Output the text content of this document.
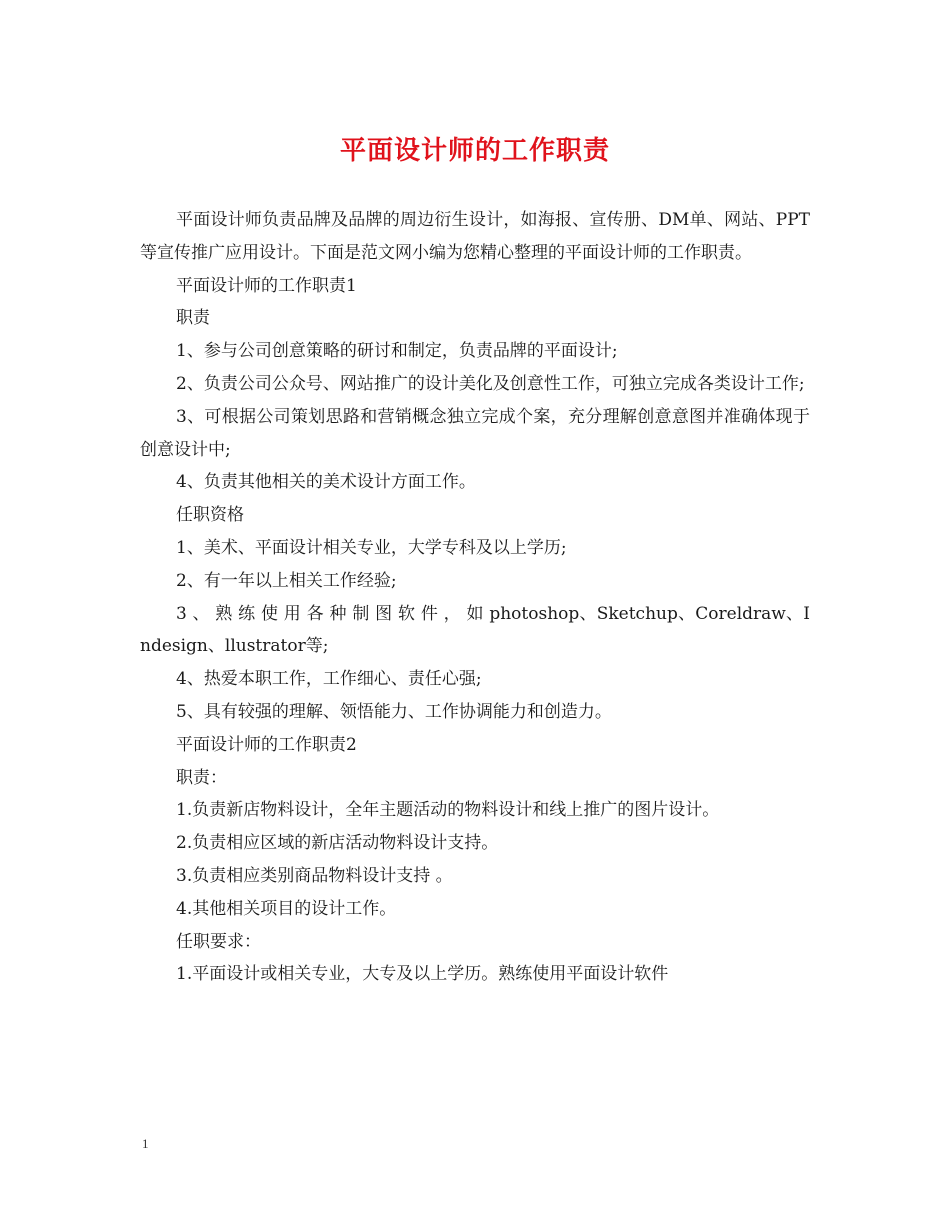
平面设计师的工作职责

平面设计师负责品牌及品牌的周边衍生设计，如海报、宣传册、DM单、网站、PPT等宣传推广应用设计。下面是范文网小编为您精心整理的平面设计师的工作职责。

平面设计师的工作职责1

职责

1、参与公司创意策略的研讨和制定，负责品牌的平面设计;

2、负责公司公众号、网站推广的设计美化及创意性工作，可独立完成各类设计工作;

3、可根据公司策划思路和营销概念独立完成个案，充分理解创意意图并准确体现于创意设计中;

4、负责其他相关的美术设计方面工作。

任职资格

1、美术、平面设计相关专业，大学专科及以上学历;

2、有一年以上相关工作经验;

3 、 熟 练 使 用 各 种 制 图 软 件 ， 如 photoshop、Sketchup、Coreldraw、Indesign、llustrator等;

4、热爱本职工作，工作细心、责任心强;

5、具有较强的理解、领悟能力、工作协调能力和创造力。

平面设计师的工作职责2

职责：

1.负责新店物料设计，全年主题活动的物料设计和线上推广的图片设计。

2.负责相应区域的新店活动物料设计支持。

3.负责相应类别商品物料设计支持 。

4.其他相关项目的设计工作。

任职要求：

1.平面设计或相关专业，大专及以上学历。熟练使用平面设计软件

1
